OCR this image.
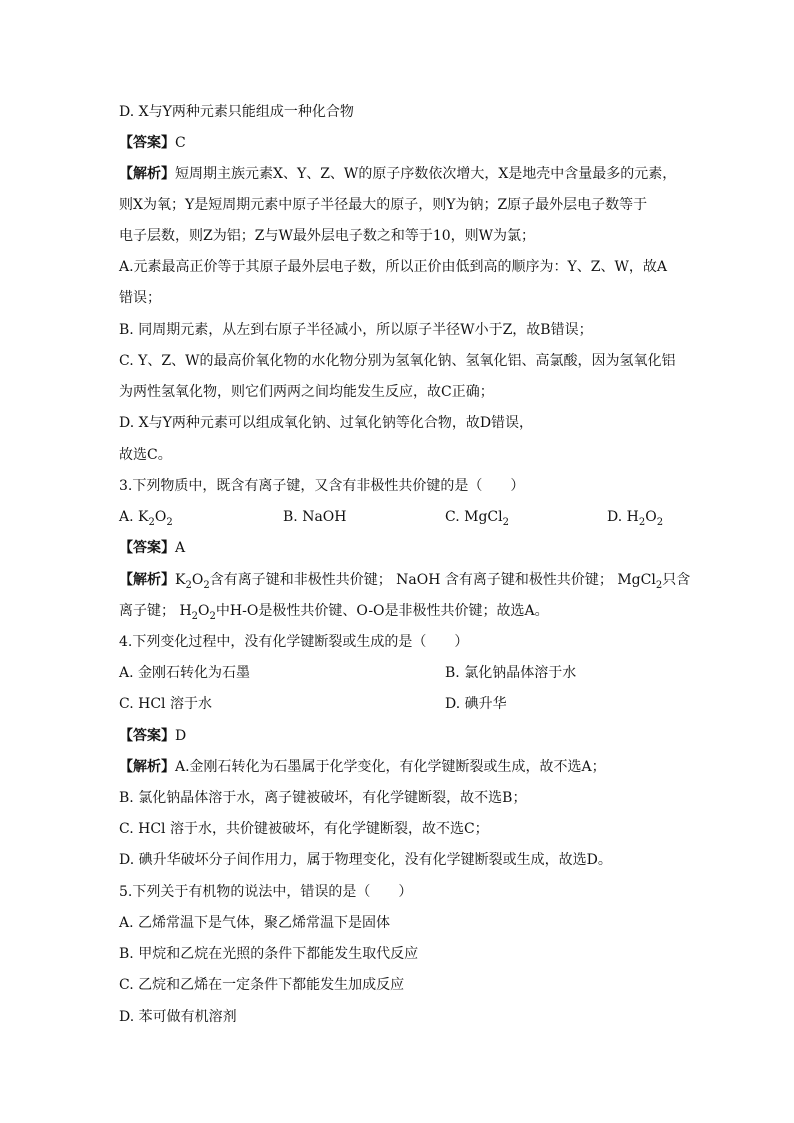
D. X与Y两种元素只能组成一种化合物
【答案】C
【解析】短周期主族元素X、Y、Z、W的原子序数依次增大，X是地壳中含量最多的元素，
则X为氧；Y是短周期元素中原子半径最大的原子，则Y为钠；Z原子最外层电子数等于
电子层数，则Z为铝；Z与W最外层电子数之和等于10，则W为氯；
A.元素最高正价等于其原子最外层电子数，所以正价由低到高的顺序为：Y、Z、W，故A
错误；
B. 同周期元素，从左到右原子半径减小，所以原子半径W小于Z，故B错误；
C. Y、Z、W的最高价氧化物的水化物分别为氢氧化钠、氢氧化铝、高氯酸，因为氢氧化铝
为两性氢氧化物，则它们两两之间均能发生反应，故C正确；
D. X与Y两种元素可以组成氧化钠、过氧化钠等化合物，故D错误，
故选C。
3.下列物质中，既含有离子键，又含有非极性共价键的是（　　）
A. $K_2O_2$	B. NaOH	C. MgCl$_2$	D. $H_2O_2$
【答案】A
【解析】$K_2O_2$含有离子键和非极性共价键； NaOH 含有离子键和极性共价键； MgCl$_2$只含
离子键； $H_2O_2$中H-O是极性共价键、O-O是非极性共价键；故选A。
4.下列变化过程中，没有化学键断裂或生成的是（　　）
A. 金刚石转化为石墨	B. 氯化钠晶体溶于水
C. HCl 溶于水	D. 碘升华
【答案】D
【解析】A.金刚石转化为石墨属于化学变化，有化学键断裂或生成，故不选A；
B. 氯化钠晶体溶于水，离子键被破坏，有化学键断裂，故不选B；
C. HCl 溶于水，共价键被破坏，有化学键断裂，故不选C；
D. 碘升华破坏分子间作用力，属于物理变化，没有化学键断裂或生成，故选D。
5.下列关于有机物的说法中，错误的是（　　）
A. 乙烯常温下是气体，聚乙烯常温下是固体
B. 甲烷和乙烷在光照的条件下都能发生取代反应
C. 乙烷和乙烯在一定条件下都能发生加成反应
D. 苯可做有机溶剂
